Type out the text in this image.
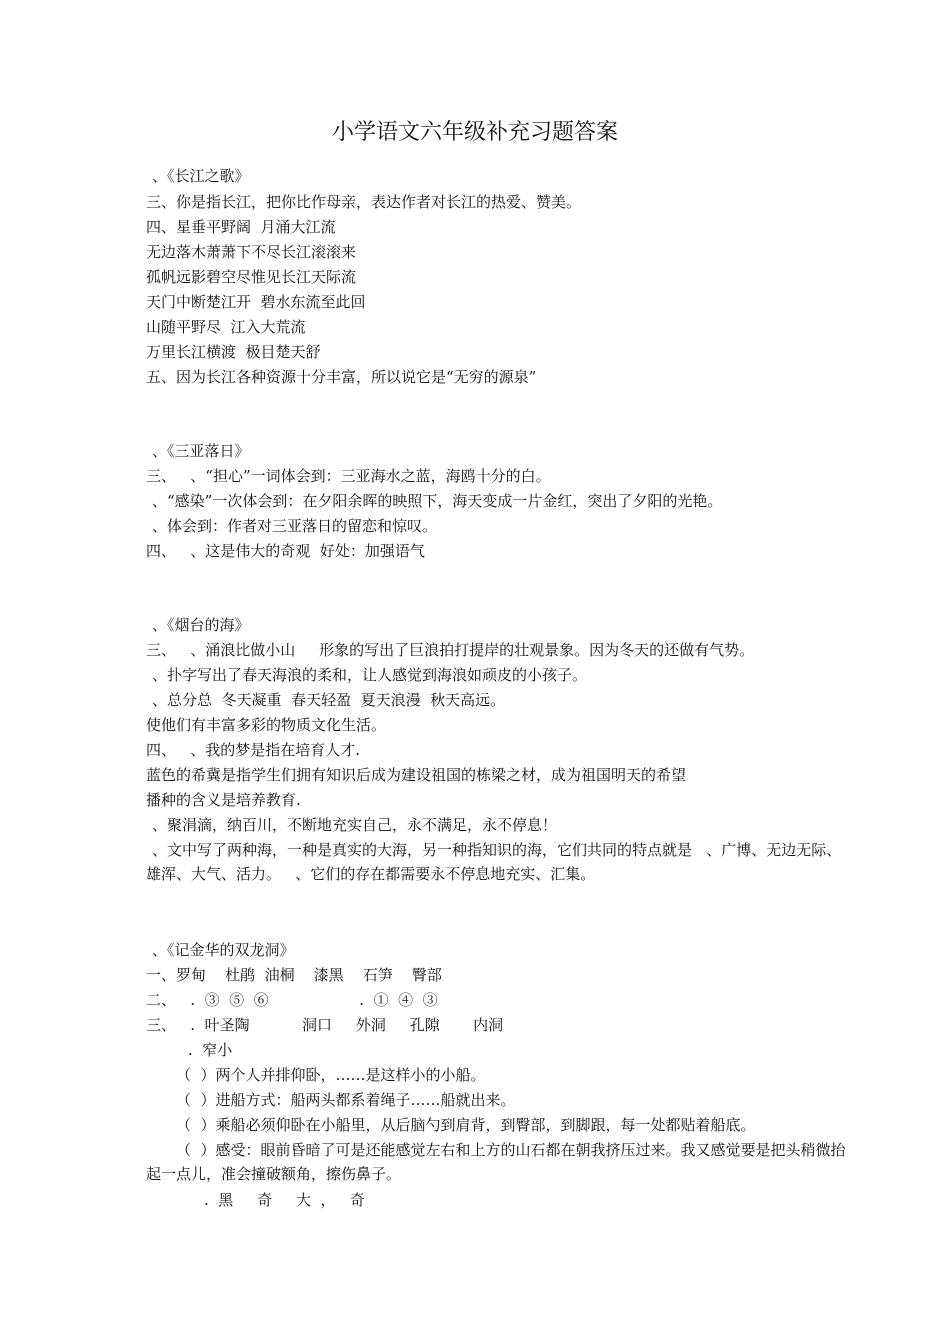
小学语文六年级补充习题答案

、《长江之歌》

三、你是指长江，把你比作母亲，表达作者对长江的热爱、赞美。

四、星垂平野阔  月涌大江流

无边落木萧萧下不尽长江滚滚来

孤帆远影碧空尽惟见长江天际流

天门中断楚江开  碧水东流至此回

山随平野尽  江入大荒流

万里长江横渡  极目楚天舒

五、因为长江各种资源十分丰富，所以说它是“无穷的源泉”

、《三亚落日》

三、   、“担心”一词体会到：三亚海水之蓝，海鸥十分的白。

、“感染”一次体会到：在夕阳余晖的映照下，海天变成一片金红，突出了夕阳的光艳。

、体会到：作者对三亚落日的留恋和惊叹。

四、   、这是伟大的奇观  好处：加强语气

、《烟台的海》

三、   、涌浪比做小山     形象的写出了巨浪拍打提岸的壮观景象。因为冬天的还做有气势。

、扑字写出了春天海浪的柔和，让人感觉到海浪如顽皮的小孩子。

、总分总  冬天凝重  春天轻盈  夏天浪漫  秋天高远。

使他们有丰富多彩的物质文化生活。

四、   、我的梦是指在培育人才.

蓝色的希冀是指学生们拥有知识后成为建设祖国的栋梁之材，成为祖国明天的希望

播种的含义是培养教育.

、聚涓滴，纳百川，不断地充实自己，永不满足，永不停息！

、文中写了两种海，一种是真实的大海，另一种指知识的海，它们共同的特点就是   、广博、无边无际、雄浑、大气、活力。   、它们的存在都需要永不停息地充实、汇集。

、《记金华的双龙洞》

一、罗甸    杜鹃  油桐    漆黑    石笋    臀部

二、   .  ③  ⑤  ⑥                   .  ①  ④  ③

三、   .  叶圣陶           洞口     外洞     孔隙       内洞

.  窄小

（  ）两个人并排仰卧，……是这样小的小船。

（  ）进船方式：船两头都系着绳子……船就出来。

（  ）乘船必须仰卧在小船里，从后脑勺到肩背，到臀部，到脚跟，每一处都贴着船底。

（  ）感受：眼前昏暗了可是还能感觉左右和上方的山石都在朝我挤压过来。我又感觉要是把头稍微抬起一点儿，准会撞破额角，擦伤鼻子。

.  黑     奇     大  ，   奇
